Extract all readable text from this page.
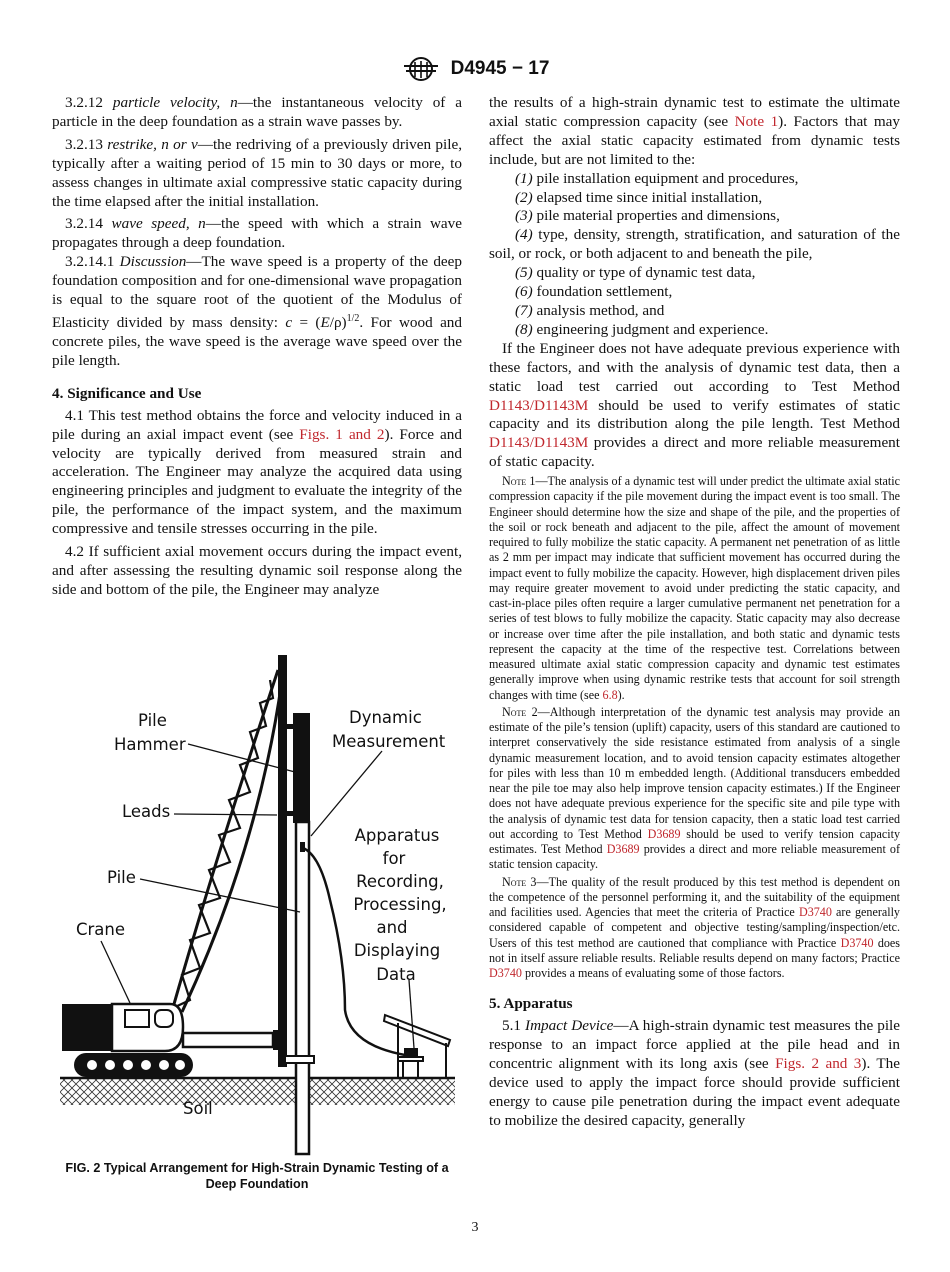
D4945 − 17

3.2.12 particle velocity, n—the instantaneous velocity of a particle in the deep foundation as a strain wave passes by.

3.2.13 restrike, n or v—the redriving of a previously driven pile, typically after a waiting period of 15 min to 30 days or more, to assess changes in ultimate axial compressive static capacity during the time elapsed after the initial installation.

3.2.14 wave speed, n—the speed with which a strain wave propagates through a deep foundation.

3.2.14.1 Discussion—The wave speed is a property of the deep foundation composition and for one-dimensional wave propagation is equal to the square root of the quotient of the Modulus of Elasticity divided by mass density: $c = (E/\rho)^{1/2}$. For wood and concrete piles, the wave speed is the average wave speed over the pile length.

4. Significance and Use

4.1 This test method obtains the force and velocity induced in a pile during an axial impact event (see Figs. 1 and 2). Force and velocity are typically derived from measured strain and acceleration. The Engineer may analyze the acquired data using engineering principles and judgment to evaluate the integrity of the pile, the performance of the impact system, and the maximum compressive and tensile stresses occurring in the pile.

4.2 If sufficient axial movement occurs during the impact event, and after assessing the resulting dynamic soil response along the side and bottom of the pile, the Engineer may analyze

Pile
Hammer
Dynamic
Measurement
Leads
Pile
Crane
Soil
Apparatus
for
Recording,
Processing,
and
Displaying
Data
FIG. 2 Typical Arrangement for High-Strain Dynamic Testing of a
Deep Foundation

the results of a high-strain dynamic test to estimate the ultimate axial static compression capacity (see Note 1). Factors that may affect the axial static capacity estimated from dynamic tests include, but are not limited to the:

(1) pile installation equipment and procedures,

(2) elapsed time since initial installation,

(3) pile material properties and dimensions,

(4) type, density, strength, stratification, and saturation of the soil, or rock, or both adjacent to and beneath the pile,

(5) quality or type of dynamic test data,

(6) foundation settlement,

(7) analysis method, and

(8) engineering judgment and experience.

If the Engineer does not have adequate previous experience with these factors, and with the analysis of dynamic test data, then a static load test carried out according to Test Method D1143/D1143M should be used to verify estimates of static capacity and its distribution along the pile length. Test Method D1143/D1143M provides a direct and more reliable measurement of static capacity.

Note 1—The analysis of a dynamic test will under predict the ultimate axial static compression capacity if the pile movement during the impact event is too small. The Engineer should determine how the size and shape of the pile, and the properties of the soil or rock beneath and adjacent to the pile, affect the amount of movement required to fully mobilize the static capacity. A permanent net penetration of as little as 2 mm per impact may indicate that sufficient movement has occurred during the impact event to fully mobilize the capacity. However, high displacement driven piles may require greater movement to avoid under predicting the static capacity, and cast-in-place piles often require a larger cumulative permanent net penetration for a series of test blows to fully mobilize the capacity. Static capacity may also decrease or increase over time after the pile installation, and both static and dynamic tests represent the capacity at the time of the respective test. Correlations between measured ultimate axial static compression capacity and dynamic test estimates generally improve when using dynamic restrike tests that account for soil strength changes with time (see 6.8).

Note 2—Although interpretation of the dynamic test analysis may provide an estimate of the pile’s tension (uplift) capacity, users of this standard are cautioned to interpret conservatively the side resistance estimated from analysis of a single dynamic measurement location, and to avoid tension capacity estimates altogether for piles with less than 10 m embedded length. (Additional transducers embedded near the pile toe may also help improve tension capacity estimates.) If the Engineer does not have adequate previous experience for the specific site and pile type with the analysis of dynamic test data for tension capacity, then a static load test carried out according to Test Method D3689 should be used to verify tension capacity estimates. Test Method D3689 provides a direct and more reliable measurement of static tension capacity.

Note 3—The quality of the result produced by this test method is dependent on the competence of the personnel performing it, and the suitability of the equipment and facilities used. Agencies that meet the criteria of Practice D3740 are generally considered capable of competent and objective testing/sampling/inspection/etc. Users of this test method are cautioned that compliance with Practice D3740 does not in itself assure reliable results. Reliable results depend on many factors; Practice D3740 provides a means of evaluating some of those factors.

5. Apparatus

5.1 Impact Device—A high-strain dynamic test measures the pile response to an impact force applied at the pile head and in concentric alignment with its long axis (see Figs. 2 and 3). The device used to apply the impact force should provide sufficient energy to cause pile penetration during the impact event adequate to mobilize the desired capacity, generally

3
